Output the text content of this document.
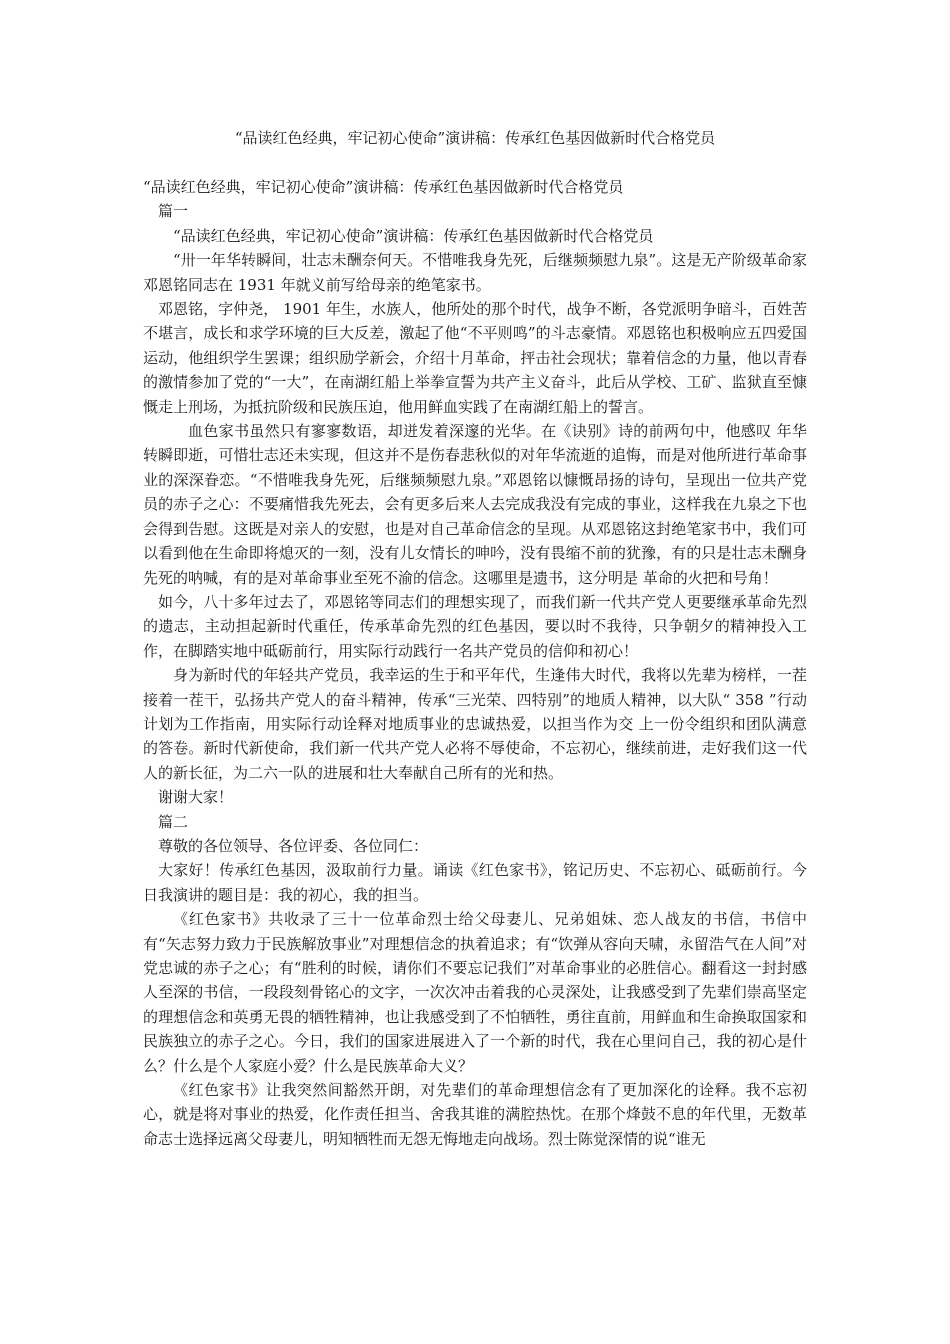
“品读红色经典，牢记初心使命”演讲稿：传承红色基因做新时代合格党员

“品读红色经典，牢记初心使命”演讲稿：传承红色基因做新时代合格党员

篇一

“品读红色经典，牢记初心使命”演讲稿：传承红色基因做新时代合格党员

“卅一年华转瞬间，壮志未酬奈何天。不惜唯我身先死，后继频频慰九泉”。这是无产阶级革命家邓恩铭同志在 1931 年就义前写给母亲的绝笔家书。

邓恩铭，字仲尧， 1901 年生，水族人，他所处的那个时代，战争不断，各党派明争暗斗，百姓苦不堪言，成长和求学环境的巨大反差，激起了他“不平则鸣”的斗志豪情。邓恩铭也积极响应五四爱国运动，他组织学生罢课；组织励学新会，介绍十月革命，抨击社会现状；靠着信念的力量，他以青春的激情参加了党的“一大”，在南湖红船上举拳宣誓为共产主义奋斗，此后从学校、工矿、监狱直至慷慨走上刑场，为抵抗阶级和民族压迫，他用鲜血实践了在南湖红船上的誓言。

血色家书虽然只有寥寥数语，却迸发着深邃的光华。在《诀别》诗的前两句中，他感叹 年华转瞬即逝，可惜壮志还未实现，但这并不是伤春悲秋似的对年华流逝的追悔，而是对他所进行革命事业的深深眷恋。“不惜唯我身先死，后继频频慰九泉。”邓恩铭以慷慨昂扬的诗句，呈现出一位共产党员的赤子之心：不要痛惜我先死去，会有更多后来人去完成我没有完成的事业，这样我在九泉之下也会得到告慰。这既是对亲人的安慰，也是对自己革命信念的呈现。从邓恩铭这封绝笔家书中，我们可以看到他在生命即将熄灭的一刻，没有儿女情长的呻吟，没有畏缩不前的犹豫，有的只是壮志未酬身先死的呐喊，有的是对革命事业至死不渝的信念。这哪里是遗书，这分明是 革命的火把和号角！

如今，八十多年过去了，邓恩铭等同志们的理想实现了，而我们新一代共产党人更要继承革命先烈的遗志，主动担起新时代重任，传承革命先烈的红色基因，要以时不我待，只争朝夕的精神投入工作，在脚踏实地中砥砺前行，用实际行动践行一名共产党员的信仰和初心！

身为新时代的年轻共产党员，我幸运的生于和平年代，生逢伟大时代，我将以先辈为榜样，一茬接着一茬干，弘扬共产党人的奋斗精神，传承“三光荣、四特别”的地质人精神，以大队“ 358 ”行动计划为工作指南，用实际行动诠释对地质事业的忠诚热爱，以担当作为交 上一份令组织和团队满意的答卷。新时代新使命，我们新一代共产党人必将不辱使命，不忘初心，继续前进，走好我们这一代人的新长征，为二六一队的进展和壮大奉献自己所有的光和热。

谢谢大家！

篇二

尊敬的各位领导、各位评委、各位同仁：

大家好！传承红色基因，汲取前行力量。诵读《红色家书》，铭记历史、不忘初心、砥砺前行。今日我演讲的题目是：我的初心，我的担当。

《红色家书》共收录了三十一位革命烈士给父母妻儿、兄弟姐妹、恋人战友的书信，书信中有“矢志努力致力于民族解放事业”对理想信念的执着追求；有“饮弹从容向天啸，永留浩气在人间”对党忠诚的赤子之心；有“胜利的时候，请你们不要忘记我们”对革命事业的必胜信心。翻看这一封封感人至深的书信，一段段刻骨铭心的文字，一次次冲击着我的心灵深处，让我感受到了先辈们崇高坚定的理想信念和英勇无畏的牺牲精神，也让我感受到了不怕牺牲，勇往直前，用鲜血和生命换取国家和民族独立的赤子之心。今日，我们的国家进展进入了一个新的时代，我在心里问自己，我的初心是什么？什么是个人家庭小爱？什么是民族革命大义？

《红色家书》让我突然间豁然开朗，对先辈们的革命理想信念有了更加深化的诠释。我不忘初心，就是将对事业的热爱，化作责任担当、舍我其谁的满腔热忱。在那个烽鼓不息的年代里，无数革命志士选择远离父母妻儿，明知牺牲而无怨无悔地走向战场。烈士陈觉深情的说“谁无
